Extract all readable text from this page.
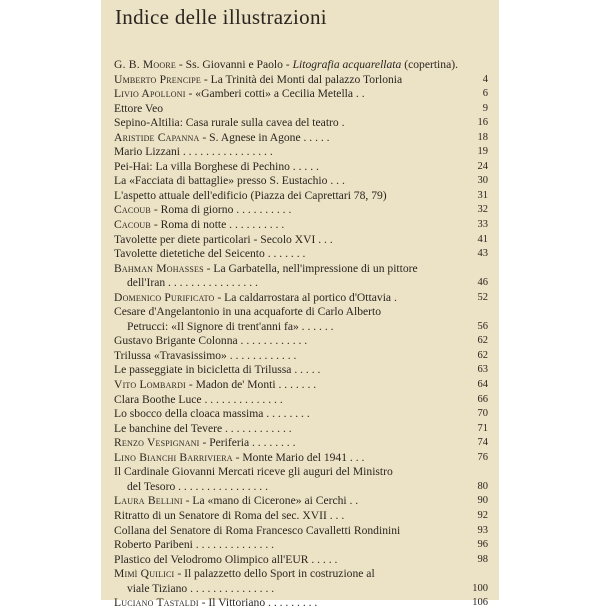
Indice delle illustrazioni
G. B. Moore - Ss. Giovanni e Paolo - Litografia acquarellata (copertina).
Umberto Prencipe - La Trinità dei Monti dal palazzo Torlonia	4
Livio Apolloni - «Gamberi cotti» a Cecilia Metella . .	6
Ettore Veo	9
Sepino-Altilia: Casa rurale sulla cavea del teatro .	16
Aristide Capanna - S. Agnese in Agone . . . . .	18
Mario Lizzani . . . . . . . . . . . . . . . .	19
Pei-Hai: La villa Borghese di Pechino . . . . .	24
La «Facciata di battaglie» presso S. Eustachio . . .	30
L'aspetto attuale dell'edificio (Piazza dei Caprettari 78, 79)	31
Cacoub - Roma di giorno . . . . . . . . . .	32
Cacoub - Roma di notte . . . . . . . . . .	33
Tavolette per diete particolari - Secolo XVI . . .	41
Tavolette dietetiche del Seicento . . . . . . .	43
Bahman Mohasses - La Garbatella, nell'impressione di un pittore
dell'Iran . . . . . . . . . . . . . . . .	46
Domenico Purificato - La caldarrostara al portico d'Ottavia .	52
Cesare d'Angelantonio in una acquaforte di Carlo Alberto
Petrucci: «Il Signore di trent'anni fa» . . . . . .	56
Gustavo Brigante Colonna . . . . . . . . . . . .	62
Trilussa «Travasissimo» . . . . . . . . . . . .	62
Le passeggiate in bicicletta di Trilussa . . . . .	63
Vito Lombardi - Madon de' Monti . . . . . . .	64
Clara Boothe Luce . . . . . . . . . . . . . .	66
Lo sbocco della cloaca massima . . . . . . . .	70
Le banchine del Tevere . . . . . . . . . . . .	71
Renzo Vespignani - Periferia . . . . . . . .	74
Lino Bianchi Barriviera - Monte Mario del 1941 . . .	76
Il Cardinale Giovanni Mercati riceve gli auguri del Ministro
del Tesoro . . . . . . . . . . . . . . . .	80
Laura Bellini - La «mano di Cicerone» ai Cerchi . .	90
Ritratto di un Senatore di Roma del sec. XVII . . .	92
Collana del Senatore di Roma Francesco Cavalletti Rondinini	93
Roberto Paribeni . . . . . . . . . . . . . .	96
Plastico del Velodromo Olimpico all'EUR . . . . .	98
Mimì Quilici - Il palazzetto dello Sport in costruzione al
viale Tiziano . . . . . . . . . . . . . . .	100
Luciano Tastaldi - Il Vittoriano . . . . . . . . .	106
